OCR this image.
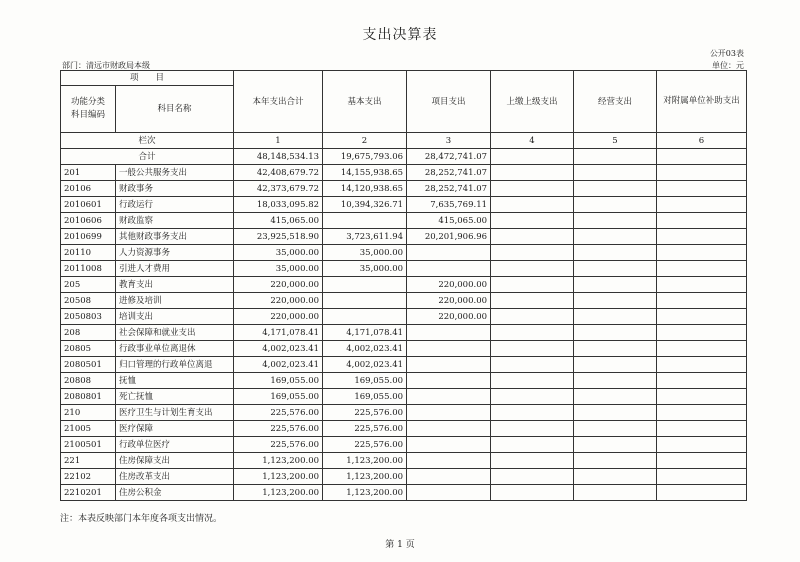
支出决算表
公开03表
部门：清远市财政局本级	单位：元
项　　目		本年支出合计	基本支出	项目支出	上缴上级支出	经营支出	对附属单位补助支出
功能分类
科目编码	科目名称						

栏次		1	2	3	4	5	6
合计		48,148,534.13	19,675,793.06	28,472,741.07			
201	一般公共服务支出	42,408,679.72	14,155,938.65	28,252,741.07			
20106	财政事务	42,373,679.72	14,120,938.65	28,252,741.07			
2010601	行政运行	18,033,095.82	10,394,326.71	7,635,769.11			
2010606	财政监察	415,065.00		415,065.00			
2010699	其他财政事务支出	23,925,518.90	3,723,611.94	20,201,906.96			
20110	人力资源事务	35,000.00	35,000.00				
2011008	引进人才费用	35,000.00	35,000.00				
205	教育支出	220,000.00		220,000.00			
20508	进修及培训	220,000.00		220,000.00			
2050803	培训支出	220,000.00		220,000.00			
208	社会保障和就业支出	4,171,078.41	4,171,078.41				
20805	行政事业单位离退休	4,002,023.41	4,002,023.41				
2080501	归口管理的行政单位离退	4,002,023.41	4,002,023.41				
20808	抚恤	169,055.00	169,055.00				
2080801	死亡抚恤	169,055.00	169,055.00				
210	医疗卫生与计划生育支出	225,576.00	225,576.00				
21005	医疗保障	225,576.00	225,576.00				
2100501	行政单位医疗	225,576.00	225,576.00				
221	住房保障支出	1,123,200.00	1,123,200.00				
22102	住房改革支出	1,123,200.00	1,123,200.00				
2210201	住房公积金	1,123,200.00	1,123,200.00				
注：本表反映部门本年度各项支出情况。
第 1 页
